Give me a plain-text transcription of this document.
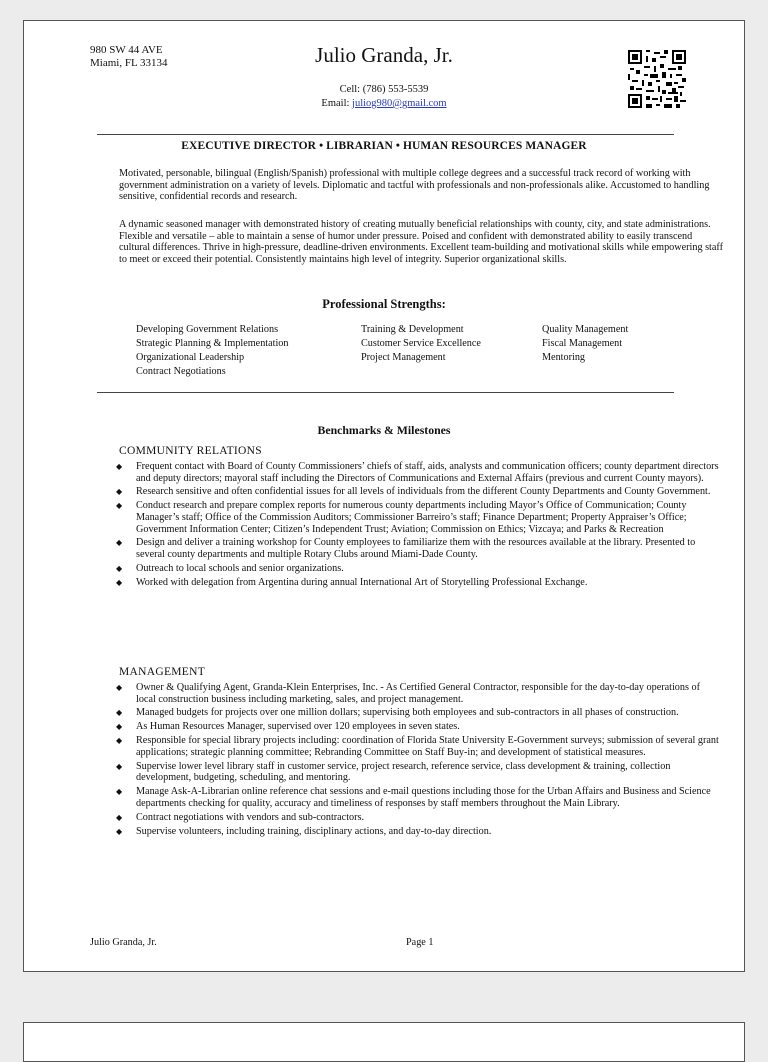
980 SW 44 AVE
Miami, FL 33134	Julio Granda, Jr.
Cell: (786) 553-5539
Email: juliog980@gmail.com
EXECUTIVE DIRECTOR • LIBRARIAN • HUMAN RESOURCES MANAGER
Motivated, personable, bilingual (English/Spanish) professional with multiple college degrees and a successful track record of working with government administration on a variety of levels. Diplomatic and tactful with professionals and non-professionals alike. Accustomed to handling sensitive, confidential records and research.
A dynamic seasoned manager with demonstrated history of creating mutually beneficial relationships with county, city, and state administrations. Flexible and versatile – able to maintain a sense of humor under pressure. Poised and confident with demonstrated ability to easily transcend cultural differences. Thrive in high-pressure, deadline-driven environments. Excellent team-building and motivational skills while empowering staff to meet or exceed their potential. Consistently maintains high level of integrity. Superior organizational skills.
Professional Strengths:
Developing Government Relations
Strategic Planning & Implementation
Organizational Leadership
Contract Negotiations
Training & Development
Customer Service Excellence
Project Management
Quality Management
Fiscal Management
Mentoring
Benchmarks & Milestones
COMMUNITY RELATIONS
◆ Frequent contact with Board of County Commissioners’ chiefs of staff, aids, analysts and communication officers; county department directors and deputy directors; mayoral staff including the Directors of Communications and External Affairs (previous and current County mayors).
◆ Research sensitive and often confidential issues for all levels of individuals from the different County Departments and County Government.
◆ Conduct research and prepare complex reports for numerous county departments including Mayor’s Office of Communication; County Manager’s staff; Office of the Commission Auditors; Commissioner Barreiro’s staff; Finance Department; Property Appraiser’s Office; Government Information Center; Citizen’s Independent Trust; Aviation; Commission on Ethics; Vizcaya; and Parks & Recreation
◆ Design and deliver a training workshop for County employees to familiarize them with the resources available at the library. Presented to several county departments and multiple Rotary Clubs around Miami-Dade County.
◆ Outreach to local schools and senior organizations.
◆ Worked with delegation from Argentina during annual International Art of Storytelling Professional Exchange.
MANAGEMENT
◆ Owner & Qualifying Agent, Granda-Klein Enterprises, Inc. - As Certified General Contractor, responsible for the day-to-day operations of local construction business including marketing, sales, and project management.
◆ Managed budgets for projects over one million dollars; supervising both employees and sub-contractors in all phases of construction.
◆ As Human Resources Manager, supervised over 120 employees in seven states.
◆ Responsible for special library projects including: coordination of Florida State University E-Government surveys; submission of several grant applications; strategic planning committee; Rebranding Committee on Staff Buy-in; and development of statistical measures.
◆ Supervise lower level library staff in customer service, project research, reference service, class development & training, collection development, budgeting, scheduling, and mentoring.
◆ Manage Ask-A-Librarian online reference chat sessions and e-mail questions including those for the Urban Affairs and Business and Science departments checking for quality, accuracy and timeliness of responses by staff members throughout the Main Library.
◆ Contract negotiations with vendors and sub-contractors.
◆ Supervise volunteers, including training, disciplinary actions, and day-to-day direction.
Julio Granda, Jr.	Page 1
